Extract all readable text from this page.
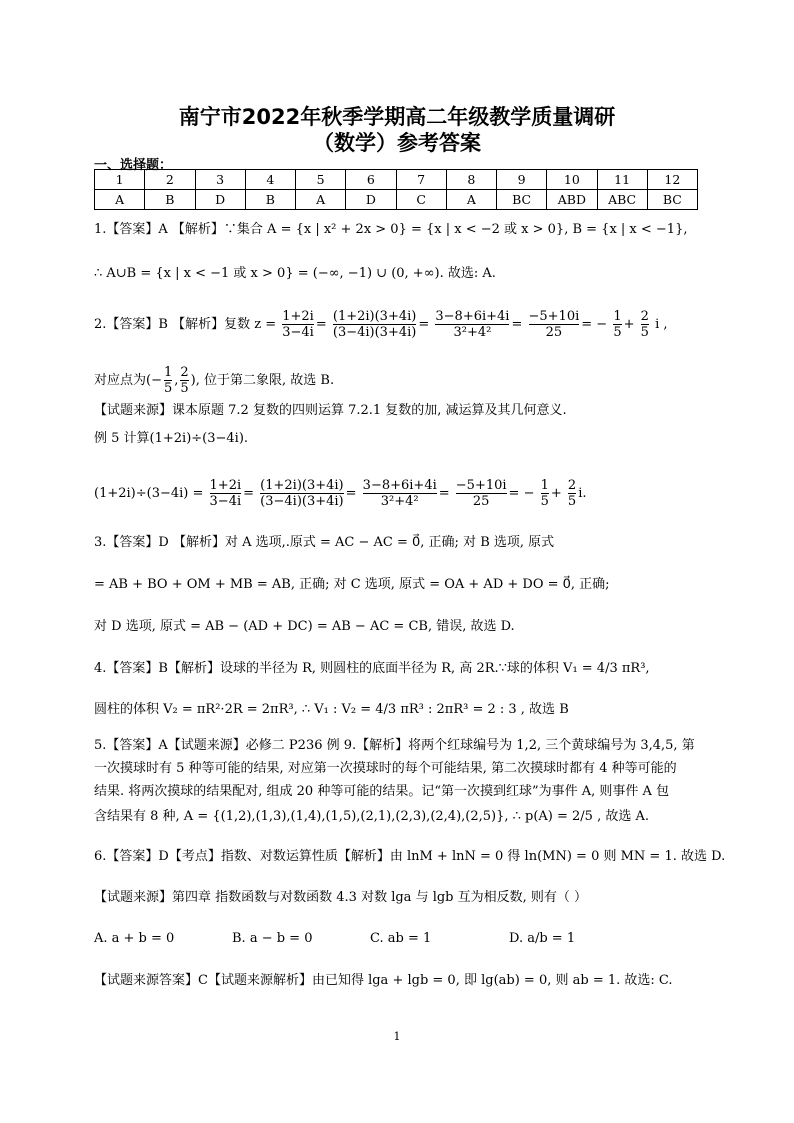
南宁市2022年秋季学期高二年级教学质量调研
（数学）参考答案
一、选择题：
1	2	3	4	5	6	7	8	9	10	11	12
A	B	D	B	A	D	C	A	BC	ABD	ABC	BC
1.【答案】A 【解析】∵集合 A = {x | x² + 2x > 0} = {x | x < −2 或 x > 0}, B = {x | x < −1},
∴ A∪B = {x | x < −1 或 x > 0} = (−∞, −1) ∪ (0, +∞). 故选: A.
2.【答案】B 【解析】复数 $z = \frac{1+2i}{3-4i} = \frac{(1+2i)(3+4i)}{(3-4i)(3+4i)} = \frac{3-8+6i+4i}{\text{3²+4²}} = \frac{-5+10i}{25}$ = − $\frac{1}{5} + \frac{2}{5}$ i ,
对应点为(− $\frac{1}{5}$ , $\frac{2}{5}$ ), 位于第二象限, 故选 B.
【试题来源】课本原题 7.2 复数的四则运算 7.2.1 复数的加, 减运算及其几何意义.
例 5 计算(1+2i)÷(3−4i).
$(1+2i)\div(3-4i) = \frac{1+2i}{3-4i} = \frac{(1+2i)(3+4i)}{(3-4i)(3+4i)} = \frac{3-8+6i+4i}{\text{3²+4²}} = \frac{-5+10i}{25}$ = − $\frac{1}{5} + \frac{2}{5} i$.
3.【答案】D 【解析】对 A 选项,.原式 = AC − AC = 0⃗, 正确; 对 B 选项, 原式
= AB + BO + OM + MB = AB, 正确; 对 C 选项, 原式 = OA + AD + DO = 0⃗, 正确;
对 D 选项, 原式 = AB − (AD + DC) = AB − AC = CB, 错误, 故选 D.
4.【答案】B【解析】设球的半径为 R, 则圆柱的底面半径为 R, 高 2R.∵球的体积 V₁ = 4/3 πR³,
圆柱的体积 V₂ = πR²·2R = 2πR³, ∴ V₁ : V₂ = 4/3 πR³ : 2πR³ = 2 : 3 , 故选 B
5.【答案】A【试题来源】必修二 P236 例 9.【解析】将两个红球编号为 1,2, 三个黄球编号为 3,4,5, 第
一次摸球时有 5 种等可能的结果, 对应第一次摸球时的每个可能结果, 第二次摸球时都有 4 种等可能的
结果. 将两次摸球的结果配对, 组成 20 种等可能的结果。记“第一次摸到红球”为事件 A, 则事件 A 包
含结果有 8 种, A = {(1,2),(1,3),(1,4),(1,5),(2,1),(2,3),(2,4),(2,5)}, ∴ p(A) = 2/5 , 故选 A.
6.【答案】D【考点】指数、对数运算性质【解析】由 lnM + lnN = 0 得 ln(MN) = 0 则 MN = 1. 故选 D.
【试题来源】第四章 指数函数与对数函数 4.3 对数 lga 与 lgb 互为相反数, 则有（ ）
A. a + b = 0	B. a − b = 0	C. ab = 1	D. a/b = 1
【试题来源答案】C【试题来源解析】由已知得 lga + lgb = 0, 即 lg(ab) = 0, 则 ab = 1. 故选: C.
1
